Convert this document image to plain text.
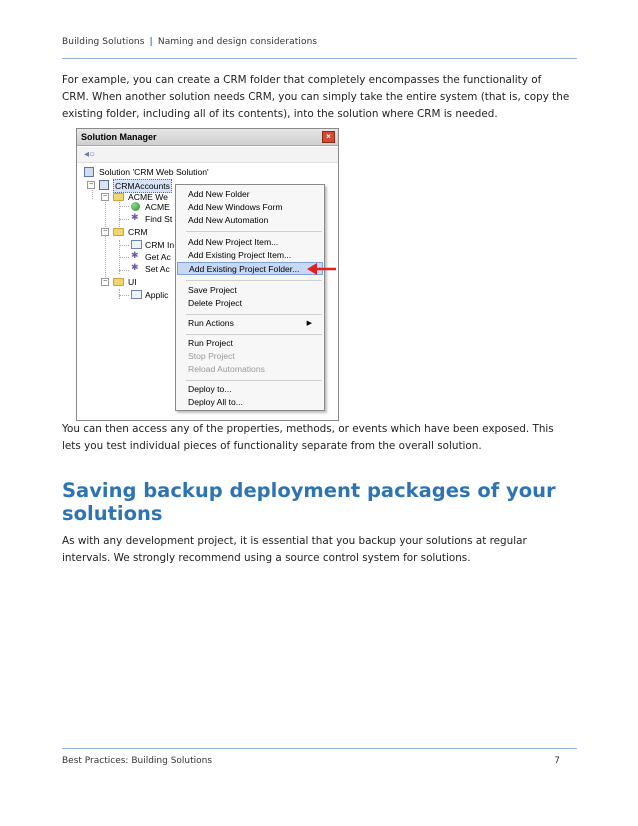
Building Solutions | Naming and design considerations

For example, you can create a CRM folder that completely encompasses the functionality of CRM. When another solution needs CRM, you can simply take the entire system (that is, copy the existing folder, including all of its contents), into the solution where CRM is needed.

Solution Manager	×
◂○
Solution 'CRM Web Solution'
−	CRMAccounts
− ACME We
ACME
✱ Find St
− CRM
CRM In
✱ Get Ac
✱ Set Ac
− UI
Applic
Add New Folder
Add New Windows Form
Add New Automation
Add New Project Item...
Add Existing Project Item...
Add Existing Project Folder...
Save Project
Delete Project
Run Actions	▶
Run Project
Stop Project
Reload Automations
Deploy to...
Deploy All to...

You can then access any of the properties, methods, or events which have been exposed. This lets you test individual pieces of functionality separate from the overall solution.

Saving backup deployment packages of your solutions

As with any development project, it is essential that you backup your solutions at regular intervals. We strongly recommend using a source control system for solutions.

Best Practices: Building Solutions	7
